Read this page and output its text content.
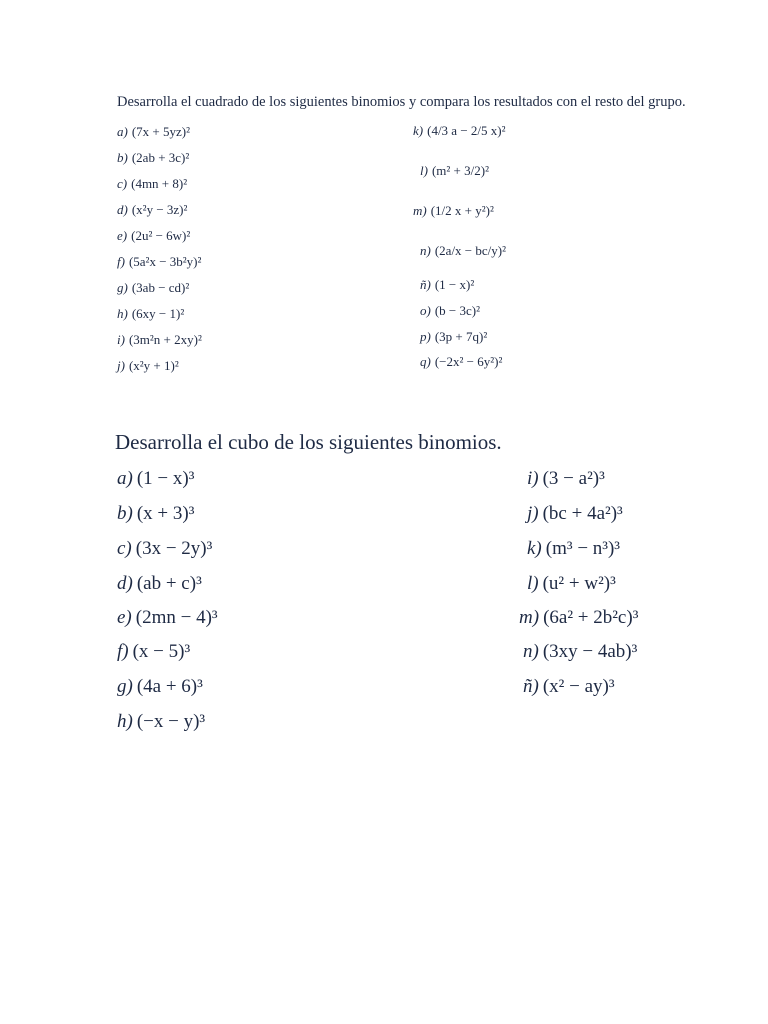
Desarrolla el cuadrado de los siguientes binomios y compara los resultados con el resto del grupo.
a) (7x + 5yz)²
b) (2ab + 3c)²
c) (4mn + 8)²
d) (x²y − 3z)²
e) (2u² − 6w)²
f) (5a²x − 3b²y)²
g) (3ab − cd)²
h) (6xy − 1)²
i) (3m²n + 2xy)²
j) (x²y + 1)²
k) (4/3 a − 2/5 x)²
l) (m² + 3/2)²
m) (1/2 x + y²)²
n) (2a/x − bc/y)²
ñ) (1 − x)²
o) (b − 3c)²
p) (3p + 7q)²
q) (−2x² − 6y²)²
Desarrolla el cubo de los siguientes binomios.
a) (1 − x)³
b) (x + 3)³
c) (3x − 2y)³
d) (ab + c)³
e) (2mn − 4)³
f) (x − 5)³
g) (4a + 6)³
h) (−x − y)³
i) (3 − a²)³
j) (bc + 4a²)³
k) (m³ − n³)³
l) (u² + w²)³
m) (6a² + 2b²c)³
n) (3xy − 4ab)³
ñ) (x² − ay)³
